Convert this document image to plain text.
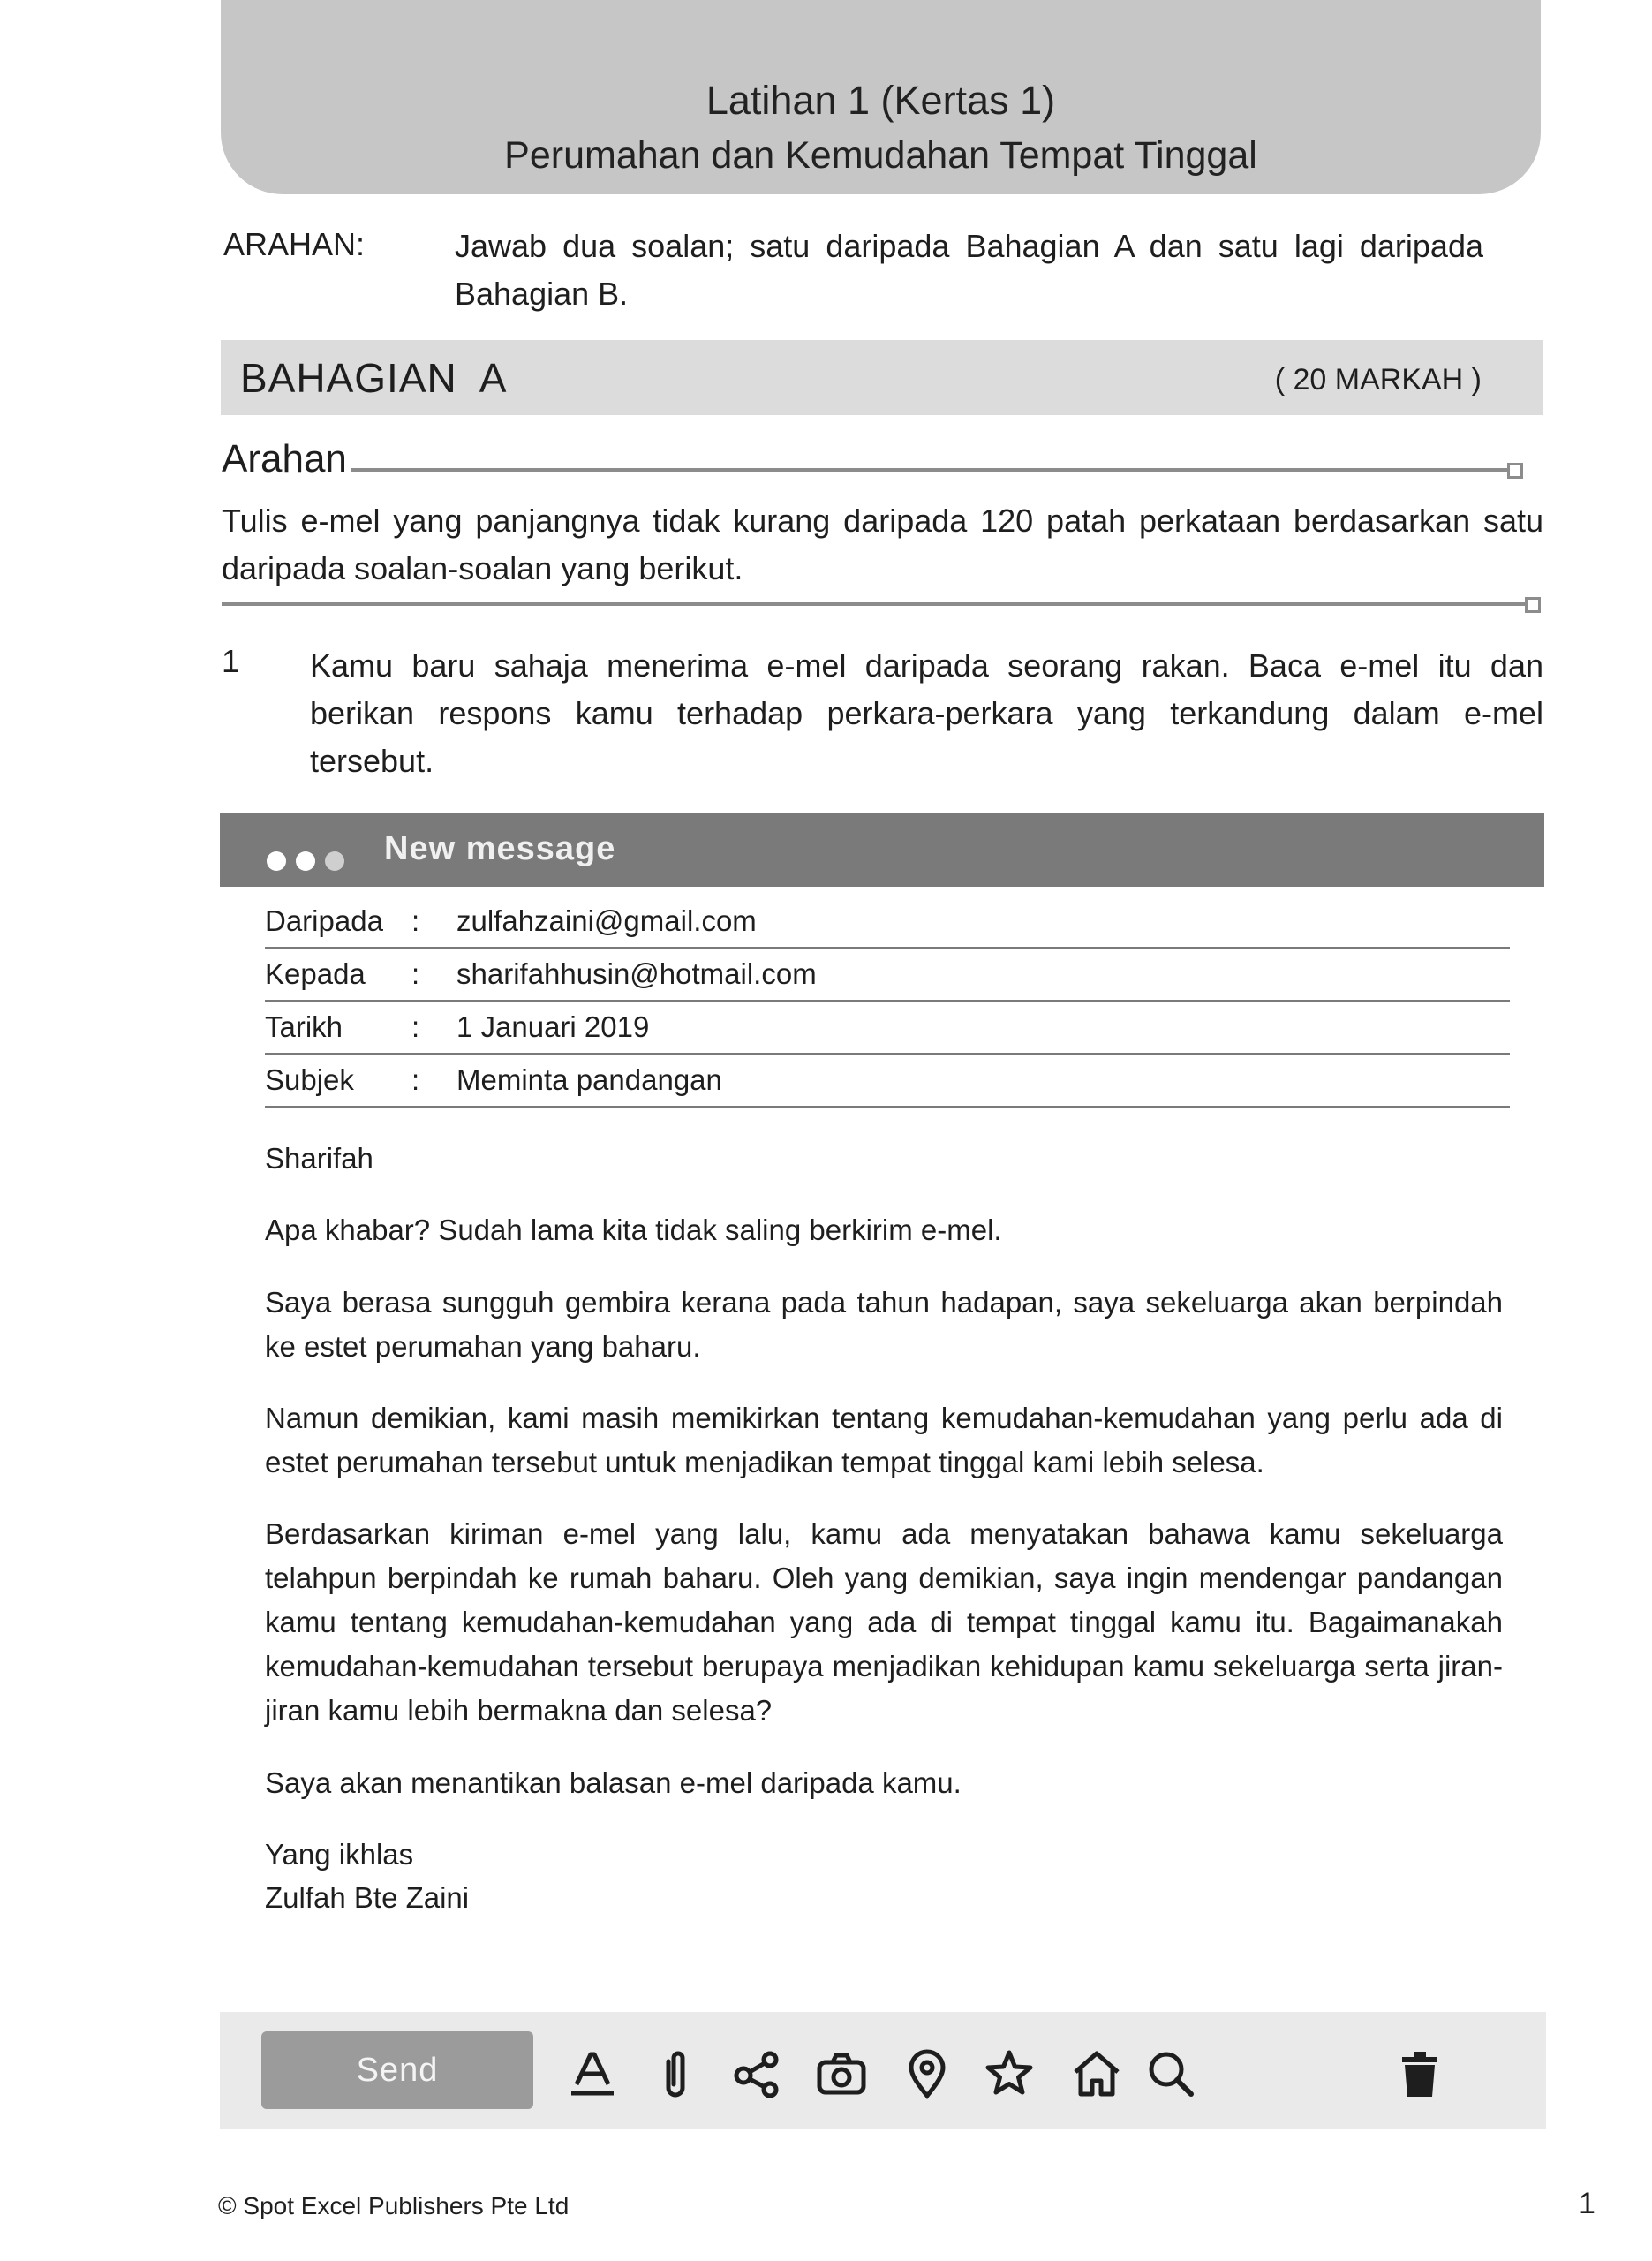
Latihan 1 (Kertas 1)
Perumahan dan Kemudahan Tempat Tinggal
ARAHAN:	Jawab dua soalan; satu daripada Bahagian A dan satu lagi daripada Bahagian B.
BAHAGIAN  A	( 20 MARKAH )
Arahan
Tulis e-mel yang panjangnya tidak kurang daripada 120 patah perkataan berdasarkan satu daripada soalan-soalan yang berikut.
1 Kamu baru sahaja menerima e-mel daripada seorang rakan. Baca e-mel itu dan berikan respons kamu terhadap perkara-perkara yang terkandung dalam e-mel tersebut.
New message
Daripada : zulfahzaini@gmail.com
Kepada : sharifahhusin@hotmail.com
Tarikh : 1 Januari 2019
Subjek : Meminta pandangan
Sharifah
Apa khabar? Sudah lama kita tidak saling berkirim e-mel.
Saya berasa sungguh gembira kerana pada tahun hadapan, saya sekeluarga akan berpindah ke estet perumahan yang baharu.
Namun demikian, kami masih memikirkan tentang kemudahan-kemudahan yang perlu ada di estet perumahan tersebut untuk menjadikan tempat tinggal kami lebih selesa.
Berdasarkan kiriman e-mel yang lalu, kamu ada menyatakan bahawa kamu sekeluarga telahpun berpindah ke rumah baharu. Oleh yang demikian, saya ingin mendengar pandangan kamu tentang kemudahan-kemudahan yang ada di tempat tinggal kamu itu. Bagaimanakah kemudahan-kemudahan tersebut berupaya menjadikan kehidupan kamu sekeluarga serta jiran-jiran kamu lebih bermakna dan selesa?
Saya akan menantikan balasan e-mel daripada kamu.
Yang ikhlas
Zulfah Bte Zaini
Send
© Spot Excel Publishers Pte Ltd	1
